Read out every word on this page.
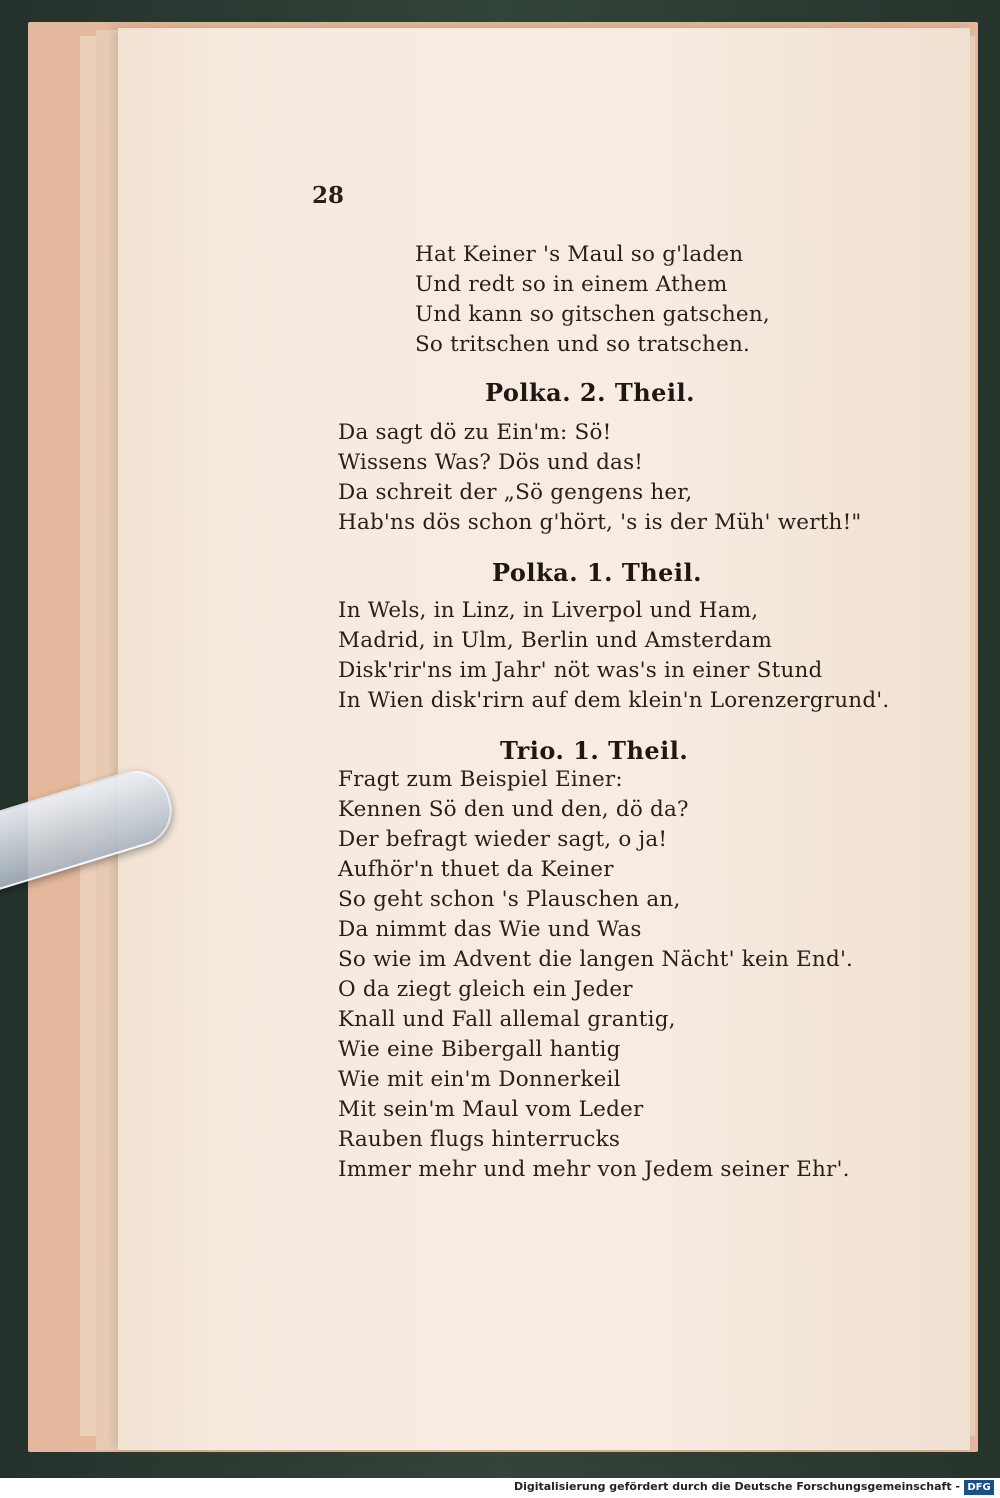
28
Hat Keiner 's Maul so g'laden
Und redt so in einem Athem
Und kann so gitschen gatschen,
So tritschen und so tratschen.
Polka. 2. Theil.
Da sagt dö zu Ein'm: Sö!
Wissens Was? Dös und das!
Da schreit der „Sö gengens her,
Hab'ns dös schon g'hört, 's is der Müh' werth!"
Polka. 1. Theil.
In Wels, in Linz, in Liverpol und Ham,
Madrid, in Ulm, Berlin und Amsterdam
Disk'rir'ns im Jahr' nöt was's in einer Stund
In Wien disk'rirn auf dem klein'n Lorenzergrund'.
Trio. 1. Theil.
Fragt zum Beispiel Einer:
Kennen Sö den und den, dö da?
Der befragt wieder sagt, o ja!
Aufhör'n thuet da Keiner
So geht schon 's Plauschen an,
Da nimmt das Wie und Was
So wie im Advent die langen Nächt' kein End'.
O da ziegt gleich ein Jeder
Knall und Fall allemal grantig,
Wie eine Bibergall hantig
Wie mit ein'm Donnerkeil
Mit sein'm Maul vom Leder
Rauben flugs hinterrucks
Immer mehr und mehr von Jedem seiner Ehr'.
Digitalisierung gefördert durch die Deutsche Forschungsgemeinschaft - DFG
